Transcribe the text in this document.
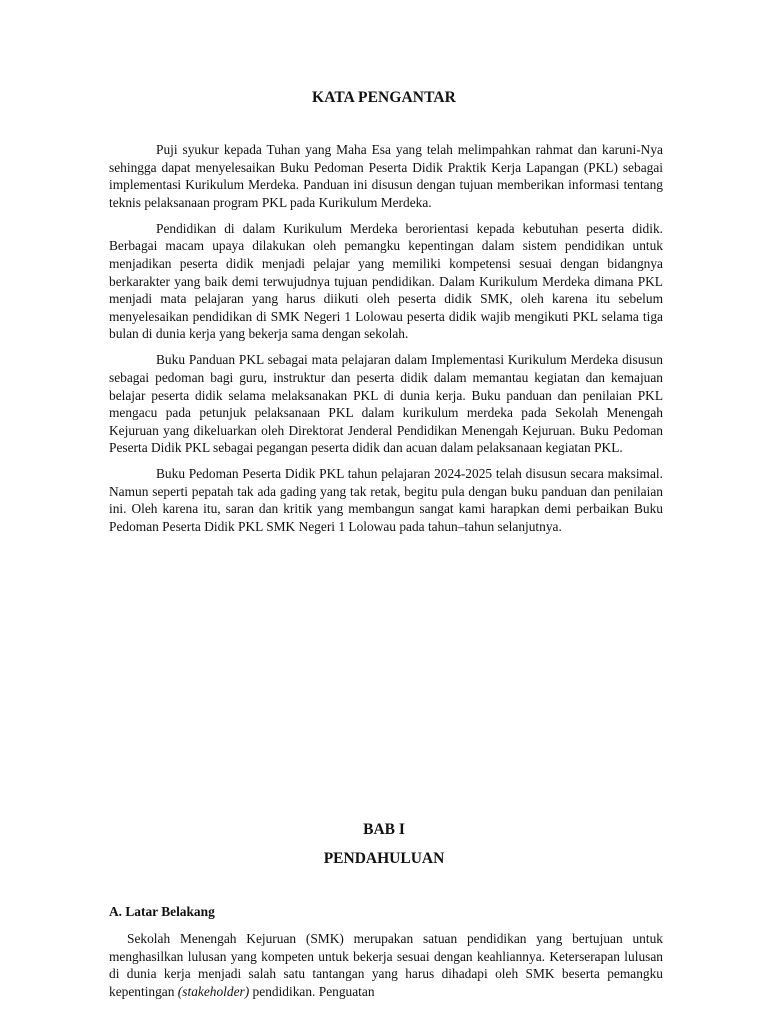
KATA PENGANTAR

Puji syukur kepada Tuhan yang Maha Esa yang telah melimpahkan rahmat dan karuni-Nya sehingga dapat menyelesaikan Buku Pedoman Peserta Didik Praktik Kerja Lapangan (PKL) sebagai implementasi Kurikulum Merdeka. Panduan ini disusun dengan tujuan memberikan informasi tentang teknis pelaksanaan program PKL pada Kurikulum Merdeka.

Pendidikan di dalam Kurikulum Merdeka berorientasi kepada kebutuhan peserta didik. Berbagai macam upaya dilakukan oleh pemangku kepentingan dalam sistem pendidikan untuk menjadikan peserta didik menjadi pelajar yang memiliki kompetensi sesuai dengan bidangnya berkarakter yang baik demi terwujudnya tujuan pendidikan. Dalam Kurikulum Merdeka dimana PKL menjadi mata pelajaran yang harus diikuti oleh peserta didik SMK, oleh karena itu sebelum menyelesaikan pendidikan di SMK Negeri 1 Lolowau peserta didik wajib mengikuti PKL selama tiga bulan di dunia kerja yang bekerja sama dengan sekolah.

Buku Panduan PKL sebagai mata pelajaran dalam Implementasi Kurikulum Merdeka disusun sebagai pedoman bagi guru, instruktur dan peserta didik dalam memantau kegiatan dan kemajuan belajar peserta didik selama melaksanakan PKL di dunia kerja. Buku panduan dan penilaian PKL mengacu pada petunjuk pelaksanaan PKL dalam kurikulum merdeka pada Sekolah Menengah Kejuruan yang dikeluarkan oleh Direktorat Jenderal Pendidikan Menengah Kejuruan. Buku Pedoman Peserta Didik PKL sebagai pegangan peserta didik dan acuan dalam pelaksanaan kegiatan PKL.

Buku Pedoman Peserta Didik PKL tahun pelajaran 2024-2025 telah disusun secara maksimal. Namun seperti pepatah tak ada gading yang tak retak, begitu pula dengan buku panduan dan penilaian ini. Oleh karena itu, saran dan kritik yang membangun sangat kami harapkan demi perbaikan Buku Pedoman Peserta Didik PKL SMK Negeri 1 Lolowau pada tahun–tahun selanjutnya.

BAB I
PENDAHULUAN
A. Latar Belakang

Sekolah Menengah Kejuruan (SMK) merupakan satuan pendidikan yang bertujuan untuk menghasilkan lulusan yang kompeten untuk bekerja sesuai dengan keahliannya. Keterserapan lulusan di dunia kerja menjadi salah satu tantangan yang harus dihadapi oleh SMK beserta pemangku kepentingan (stakeholder) pendidikan. Penguatan
